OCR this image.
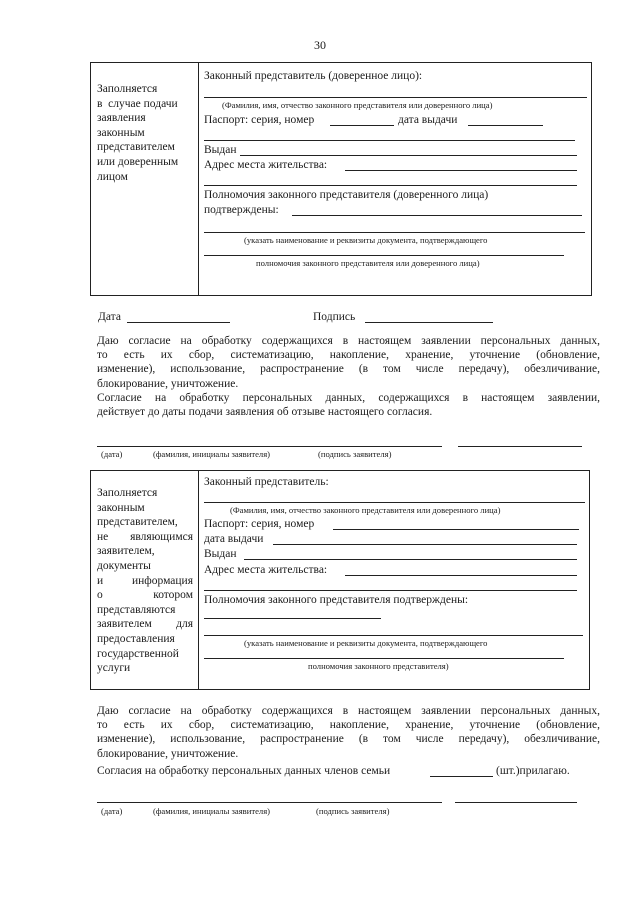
30
Заполняется
в  случае подачи
заявления
законным
представителем
или доверенным
лицом
Законный представитель (доверенное лицо):
(Фамилия, имя, отчество законного представителя или доверенного лица)
Паспорт: серия, номер	дата выдачи
Выдан
Адрес места жительства:
Полномочия законного представителя (доверенного лица)
подтверждены:
(указать наименование и реквизиты документа, подтверждающего
полномочия законного представителя или доверенного лица)
Дата	Подпись
Даю согласие на обработку содержащихся в настоящем заявлении персональных данных,
то есть их сбор, систематизацию, накопление, хранение, уточнение (обновление,
изменение), использование, распространение (в том числе передачу), обезличивание,
блокирование, уничтожение.
Согласие на обработку персональных данных, содержащихся в настоящем заявлении,
действует до даты подачи заявления об отзыве настоящего согласия.
(дата)	(фамилия, инициалы заявителя)	(подпись заявителя)
Заполняется
законным
представителем,
не являющимся
заявителем,
документы
и информация
о котором
представляются
заявителем для
предоставления
государственной
услуги
Законный представитель:
(Фамилия, имя, отчество законного представителя или доверенного лица)
Паспорт: серия, номер
дата выдачи
Выдан
Адрес места жительства:
Полномочия законного представителя подтверждены:
(указать наименование и реквизиты документа, подтверждающего
полномочия законного представителя)
Даю согласие на обработку содержащихся в настоящем заявлении персональных данных,
то есть их сбор, систематизацию, накопление, хранение, уточнение (обновление,
изменение), использование, распространение (в том числе передачу), обезличивание,
блокирование, уничтожение.
Согласия на обработку персональных данных членов семьи	(шт.)прилагаю.
(дата)	(фамилия, инициалы заявителя)	(подпись заявителя)
